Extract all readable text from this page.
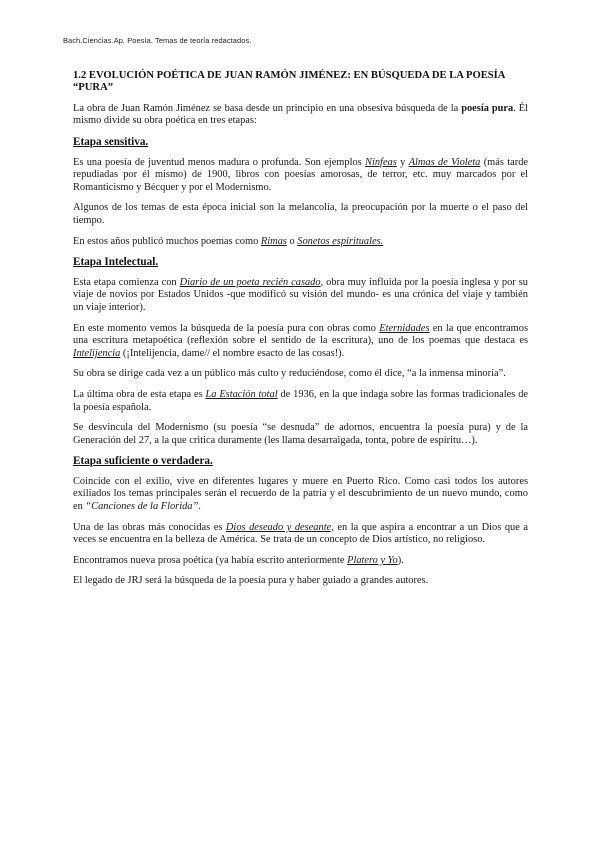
Bach.Ciencias.Ap. Poesía. Temas de teoría redactados.
1.2 EVOLUCIÓN POÉTICA DE JUAN RAMÓN JIMÉNEZ: EN BÚSQUEDA DE LA POESÍA “PURA”

La obra de Juan Ramón Jiménez se basa desde un principio en una obsesiva búsqueda de la poesía pura. Él mismo divide su obra poética en tres etapas:

Etapa sensitiva.

Es una poesía de juventud menos madura o profunda. Son ejemplos Ninfeas y Almas de Violeta (más tarde repudiadas por él mismo) de 1900, libros con poesías amorosas, de terror, etc. muy marcados por el Romanticismo y Bécquer y por el Modernismo.

Algunos de los temas de esta época inicial son la melancolía, la preocupación por la muerte o el paso del tiempo.

En estos años publicó muchos poemas como Rimas o Sonetos espirituales.

Etapa Intelectual.

Esta etapa comienza con Diario de un poeta recién casado, obra muy influida por la poesía inglesa y por su viaje de novios por Estados Unidos -que modificó su visión del mundo- es una crónica del viaje y también un viaje interior).

En este momento vemos la búsqueda de la poesía pura con obras como Eternidades en la que encontramos una escritura metapoética (reflexión sobre el sentido de la escritura), uno de los poemas que destaca es Intelijencia (¡Intelijencia, dame// el nombre esacto de las cosas!).

Su obra se dirige cada vez a un público más culto y reduciéndose, como él dice, “a la inmensa minoría”.

La última obra de esta etapa es La Estación total de 1936, en la que indaga sobre las formas tradicionales de la poesía española.

Se desvincula del Modernismo (su poesía “se desnuda” de adornos, encuentra la poesía pura) y de la Generación del 27, a la que critica duramente (les llama desarraigada, tonta, pobre de espíritu…).

Etapa suficiente o verdadera.

Coincide con el exilio, vive en diferentes lugares y muere en Puerto Rico. Como casi todos los autores exiliados los temas principales serán el recuerdo de la patria y el descubrimiento de un nuevo mundo, como en “Canciones de la Florida”.

Una de las obras más conocidas es Dios deseado y deseante, en la que aspira a encontrar a un Dios que a veces se encuentra en la belleza de América. Se trata de un concepto de Dios artístico, no religioso.

Encontramos nueva prosa poética (ya había escrito anteriormente Platero y Yo).

El legado de JRJ será la búsqueda de la poesía pura y haber guiado a grandes autores.
